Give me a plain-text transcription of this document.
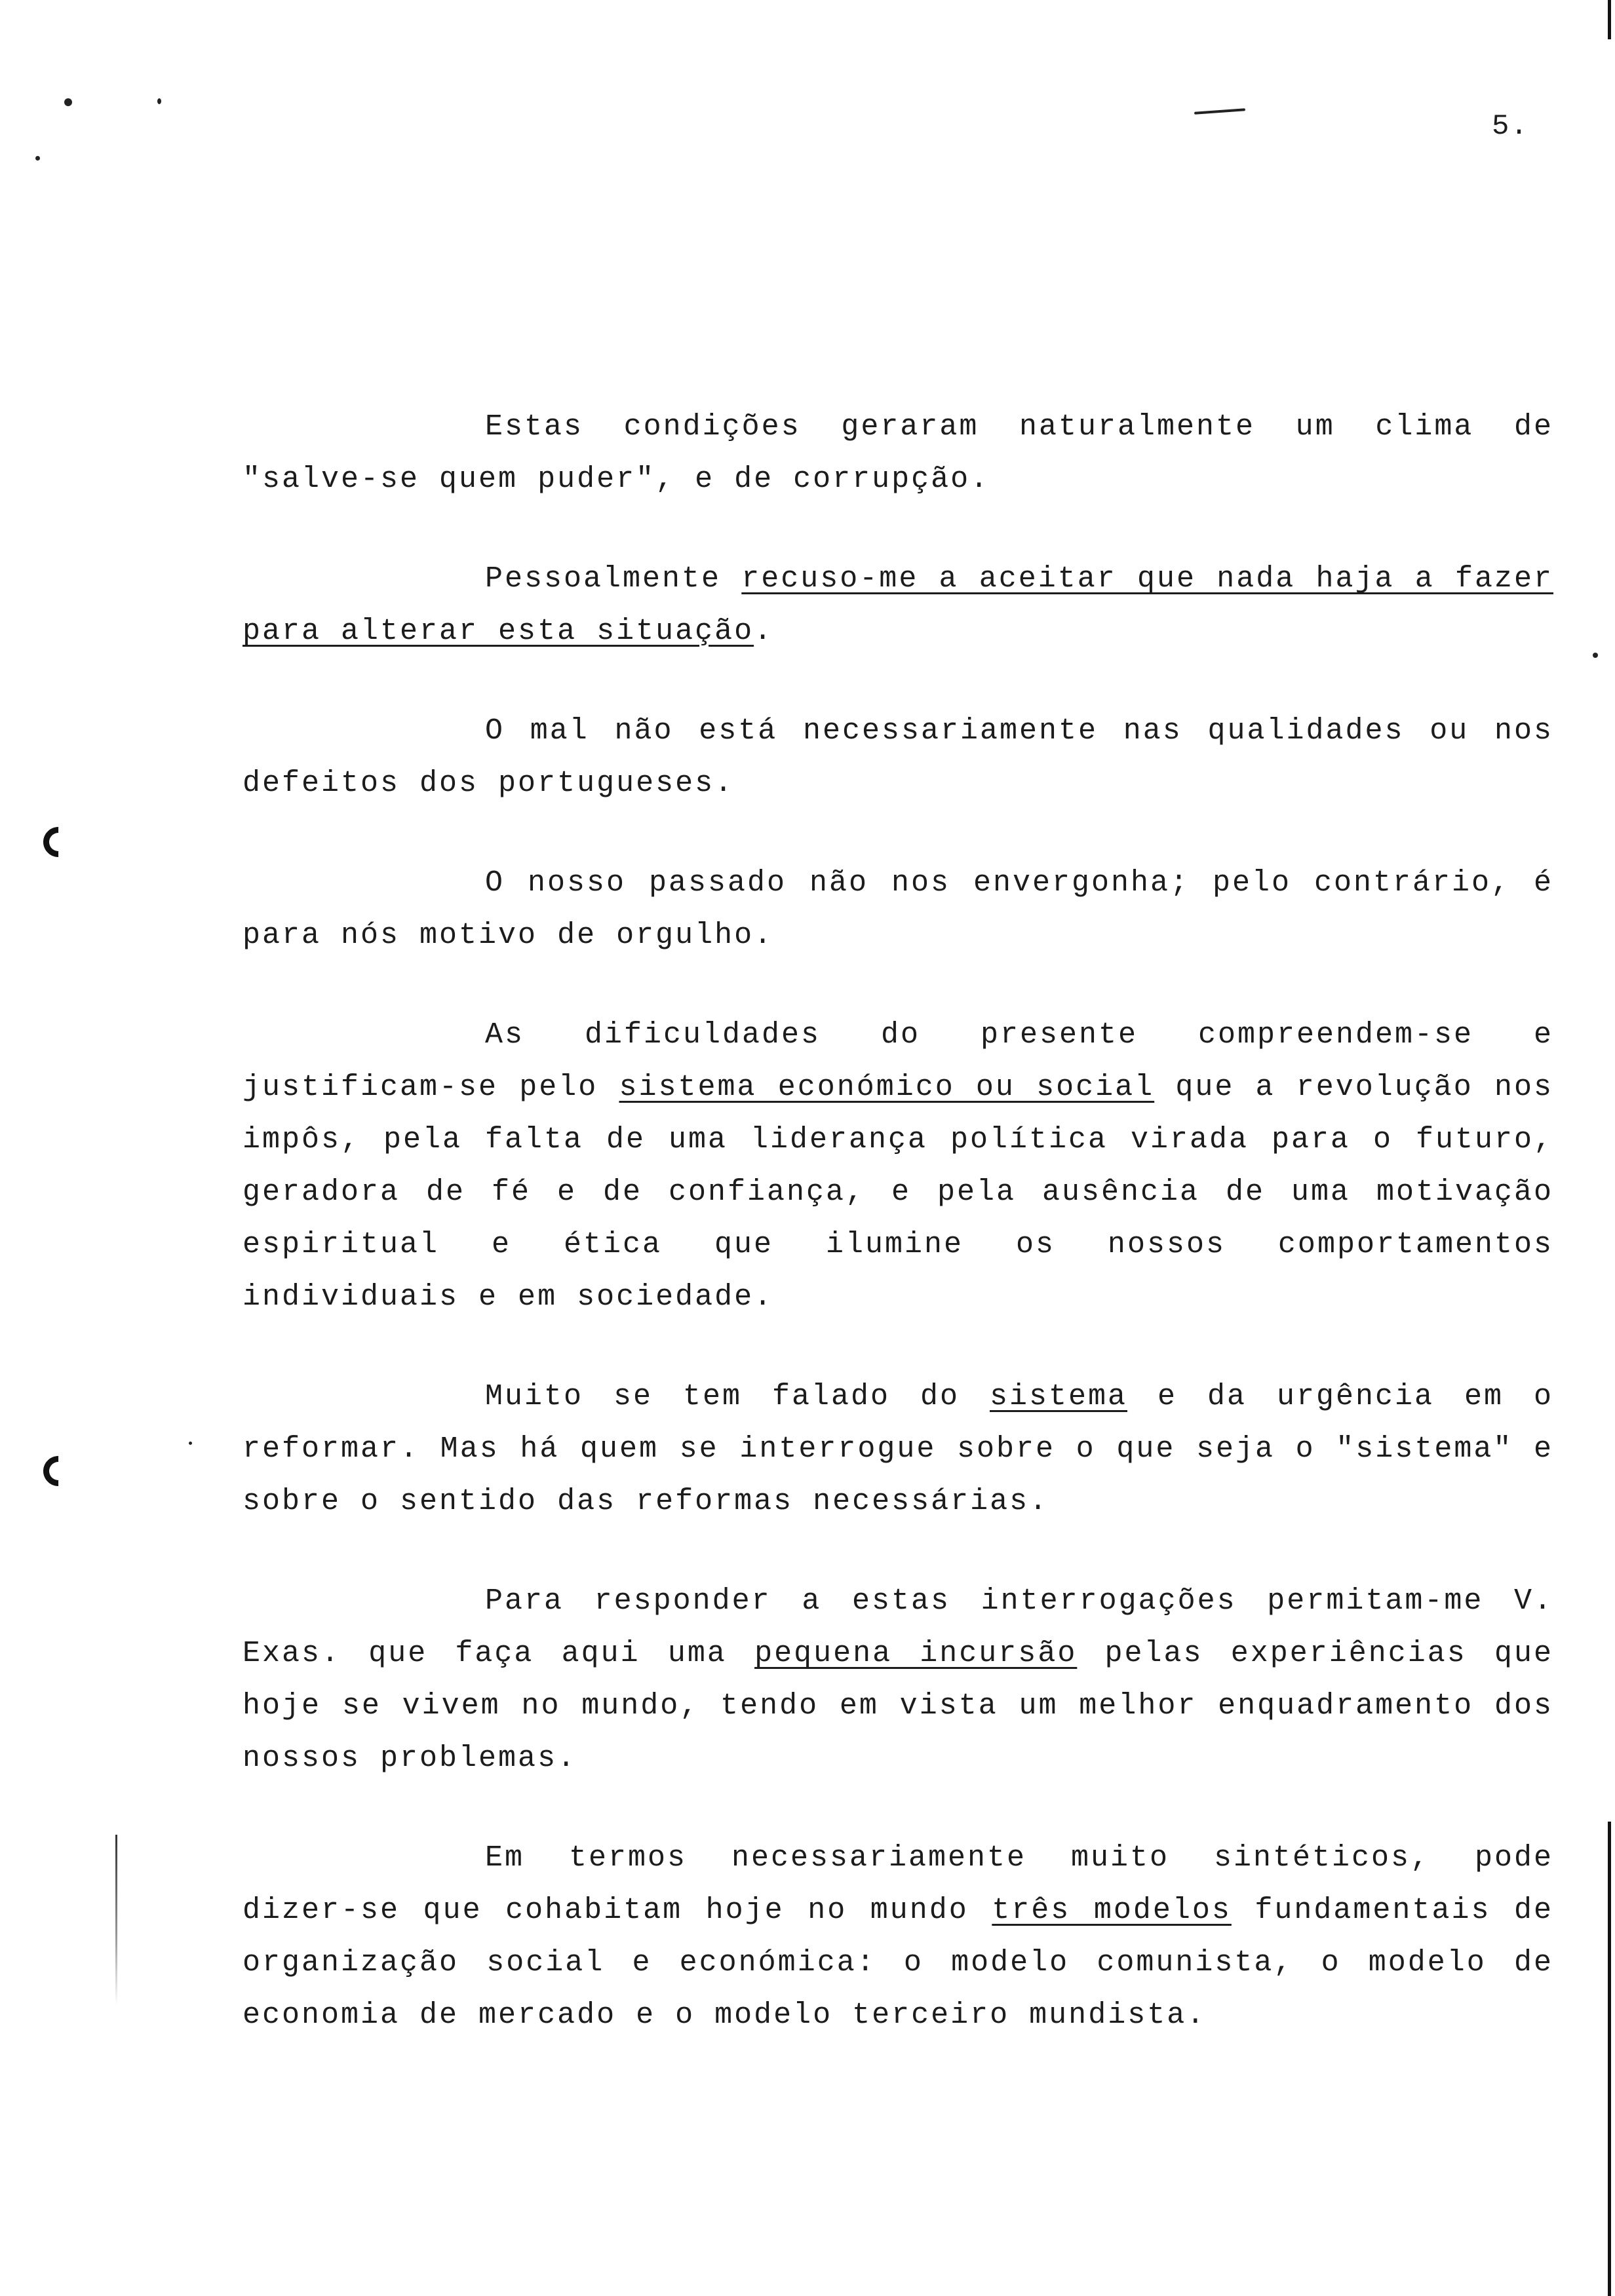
5.

Estas condições geraram naturalmente um clima de "salve-se quem puder", e de corrupção.

Pessoalmente recuso-me a aceitar que nada haja a fazer para alterar esta situação.

O mal não está necessariamente nas qualidades ou nos defeitos dos portugueses.

O nosso passado não nos envergonha; pelo contrário, é para nós motivo de orgulho.

As dificuldades do presente compreendem-se e justificam-se pelo sistema económico ou social que a revolução nos impôs, pela falta de uma liderança política virada para o futuro, geradora de fé e de confiança, e pela ausência de uma motivação espiritual e ética que ilumine os nossos comportamentos individuais e em sociedade.

Muito se tem falado do sistema e da urgência em o reformar. Mas há quem se interrogue sobre o que seja o "sistema" e sobre o sentido das reformas necessárias.

Para responder a estas interrogações permitam-me V. Exas. que faça aqui uma pequena incursão pelas experiências que hoje se vivem no mundo, tendo em vista um melhor enquadramento dos nossos problemas.

Em termos necessariamente muito sintéticos, pode dizer-se que cohabitam hoje no mundo três modelos fundamentais de organização social e económica: o modelo comunista, o modelo de economia de mercado e o modelo terceiro mundista.
